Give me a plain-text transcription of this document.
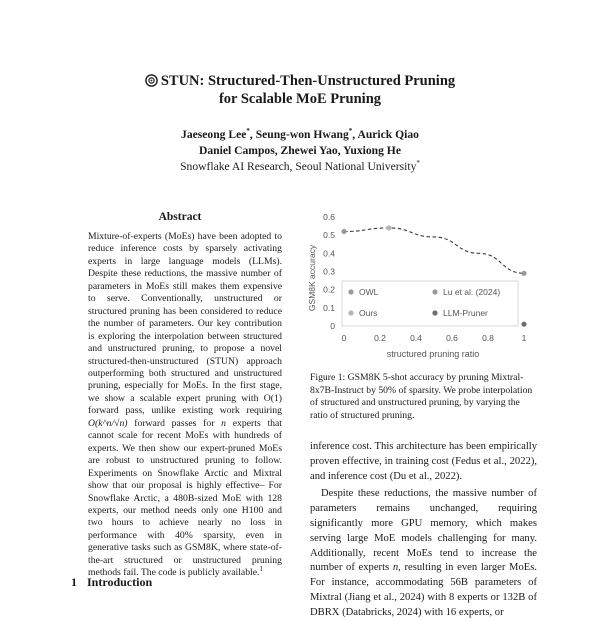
STUN: Structured-Then-Unstructured Pruning
for Scalable MoE Pruning
Jaeseong Lee*, Seung-won Hwang*, Aurick Qiao
Daniel Campos, Zhewei Yao, Yuxiong He
Snowflake AI Research, Seoul National University*
Abstract
Mixture-of-experts (MoEs) have been adopted to reduce inference costs by sparsely activating experts in large language models (LLMs). Despite these reductions, the massive number of parameters in MoEs still makes them expensive to serve. Conventionally, unstructured or structured pruning has been considered to reduce the number of parameters. Our key contribution is exploring the interpolation between structured and unstructured pruning, to propose a novel structured-then-unstructured (STUN) approach outperforming both structured and unstructured pruning, especially for MoEs. In the first stage, we show a scalable expert pruning with O(1) forward pass, unlike existing work requiring O(k^n/√n) forward passes for n experts that cannot scale for recent MoEs with hundreds of experts. We then show our expert-pruned MoEs are robust to unstructured pruning to follow. Experiments on Snowflake Arctic and Mixtral show that our proposal is highly effective– For Snowflake Arctic, a 480B-sized MoE with 128 experts, our method needs only one H100 and two hours to achieve nearly no loss in performance with 40% sparsity, even in generative tasks such as GSM8K, where state-of-the-art structured or unstructured pruning methods fail. The code is publicly available.$^1$
1 Introduction
0
0.1
0.2
0.3
0.4
0.5
0.6
0	0.2	0.4	0.6	0.8	1
OWL	Lu et al. (2024)
Ours	LLM-Pruner
GSM8K accuracy
structured pruning ratio
Figure 1: GSM8K 5-shot accuracy by pruning Mixtral-8x7B-Instruct by 50% of sparsity. We probe interpolation of structured and unstructured pruning, by varying the ratio of structured pruning.

inference cost. This architecture has been empirically proven effective, in training cost (Fedus et al., 2022), and inference cost (Du et al., 2022).

Despite these reductions, the massive number of parameters remains unchanged, requiring significantly more GPU memory, which makes serving large MoE models challenging for many. Additionally, recent MoEs tend to increase the number of experts n, resulting in even larger MoEs. For instance, accommodating 56B parameters of Mixtral (Jiang et al., 2024) with 8 experts or 132B of DBRX (Databricks, 2024) with 16 experts, or
